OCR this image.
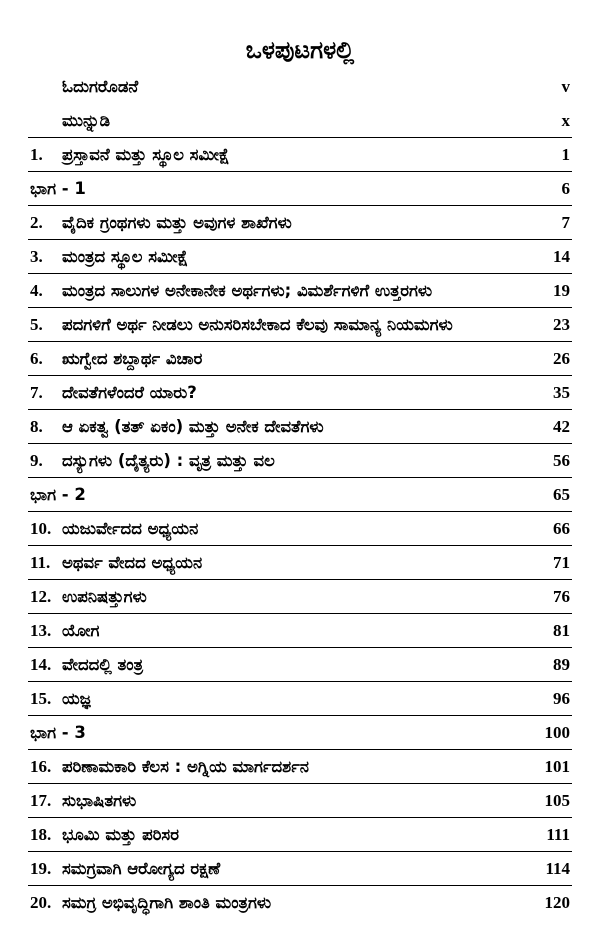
ಒಳಪುಟಗಳಲ್ಲಿ
ಓದುಗರೊಡನೆ	v
ಮುನ್ನುಡಿ	x
1. ಪ್ರಸ್ತಾವನೆ ಮತ್ತು ಸ್ಥೂಲ ಸಮೀಕ್ಷೆ	1
ಭಾಗ - 1	6
2. ವೈದಿಕ ಗ್ರಂಥಗಳು ಮತ್ತು ಅವುಗಳ ಶಾಖೆಗಳು	7
3. ಮಂತ್ರದ ಸ್ಥೂಲ ಸಮೀಕ್ಷೆ	14
4. ಮಂತ್ರದ ಸಾಲುಗಳ ಅನೇಕಾನೇಕ ಅರ್ಥಗಳು; ವಿಮರ್ಶೆಗಳಿಗೆ ಉತ್ತರಗಳು	19
5. ಪದಗಳಿಗೆ ಅರ್ಥ ನೀಡಲು ಅನುಸರಿಸಬೇಕಾದ ಕೆಲವು ಸಾಮಾನ್ಯ ನಿಯಮಗಳು	23
6. ಋಗ್ವೇದ ಶಬ್ದಾರ್ಥ ವಿಚಾರ	26
7. ದೇವತೆಗಳೆಂದರೆ ಯಾರು?	35
8. ಆ ಏಕತ್ವ (ತತ್ ಏಕಂ) ಮತ್ತು ಅನೇಕ ದೇವತೆಗಳು	42
9. ದಸ್ಯುಗಳು (ದೈತ್ಯರು) : ವೃತ್ರ ಮತ್ತು ವಲ	56
ಭಾಗ - 2	65
10. ಯಜುರ್ವೇದದ ಅಧ್ಯಯನ	66
11. ಅಥರ್ವ ವೇದದ ಅಧ್ಯಯನ	71
12. ಉಪನಿಷತ್ತುಗಳು	76
13. ಯೋಗ	81
14. ವೇದದಲ್ಲಿ ತಂತ್ರ	89
15. ಯಜ್ಞ	96
ಭಾಗ - 3	100
16. ಪರಿಣಾಮಕಾರಿ ಕೆಲಸ : ಅಗ್ನಿಯ ಮಾರ್ಗದರ್ಶನ	101
17. ಸುಭಾಷಿತಗಳು	105
18. ಭೂಮಿ ಮತ್ತು ಪರಿಸರ	111
19. ಸಮಗ್ರವಾಗಿ ಆರೋಗ್ಯದ ರಕ್ಷಣೆ	114
20. ಸಮಗ್ರ ಅಭಿವೃದ್ಧಿಗಾಗಿ ಶಾಂತಿ ಮಂತ್ರಗಳು	120
